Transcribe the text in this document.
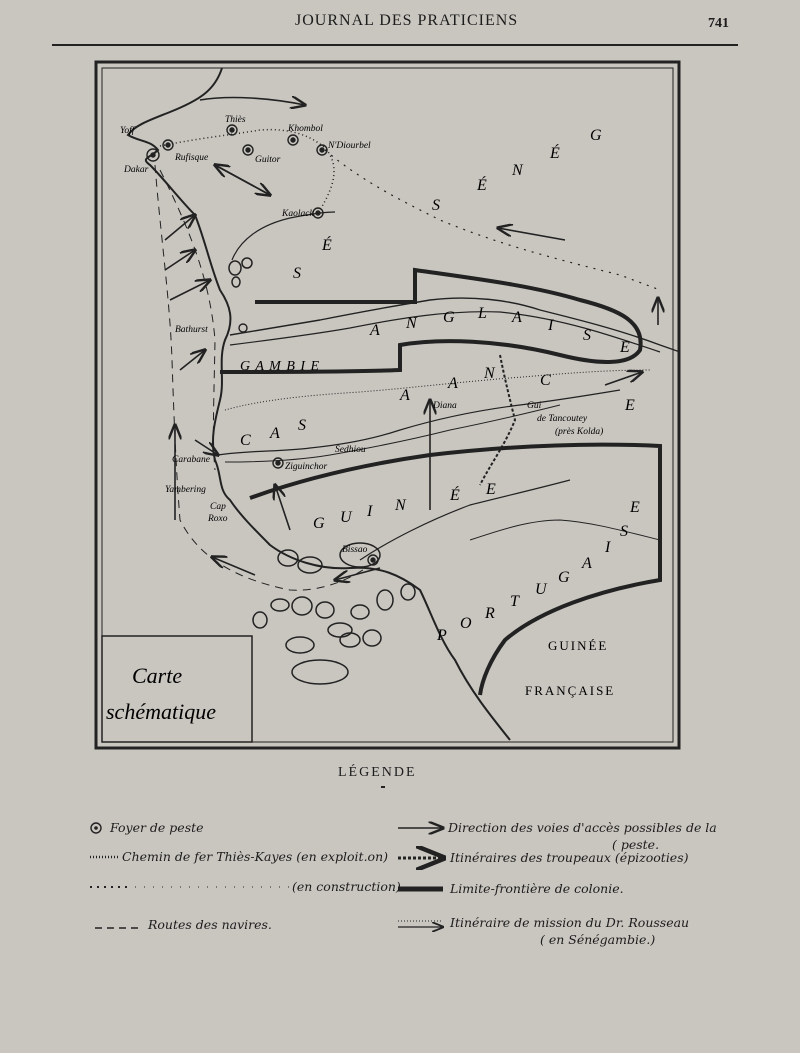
JOURNAL DES PRATICIENS	741
Carte
schématique
S
É
N
É
G
S
É
G A M B I E
A N G L A I
S
E
C A S
A
A
N	C
E
G U I N
É E
P
O
R
T
U
G
A
I
S
E
GUINÉE
FRANÇAISE
Yoff
Dakar
Rufisque
Thiès
Khombol
N'Diourbel
Guitor
Kaolack
Bathurst
Diana
Sedhiou
Ziguinchor
Carabane
Yambering
Cap
Roxo
Bissao
Gui
de Tancoutey
(près Kolda)
LÉGENDE
Foyer de peste
Chemin de fer Thiès-Kayes (en exploit.on)
(en construction)
Routes des navires.
Direction des voies d'accès possibles de la
( peste.
Itinéraires des troupeaux (épizooties)
Limite-frontière de colonie.
Itinéraire de mission du Dr. Rousseau
( en Sénégambie.)
